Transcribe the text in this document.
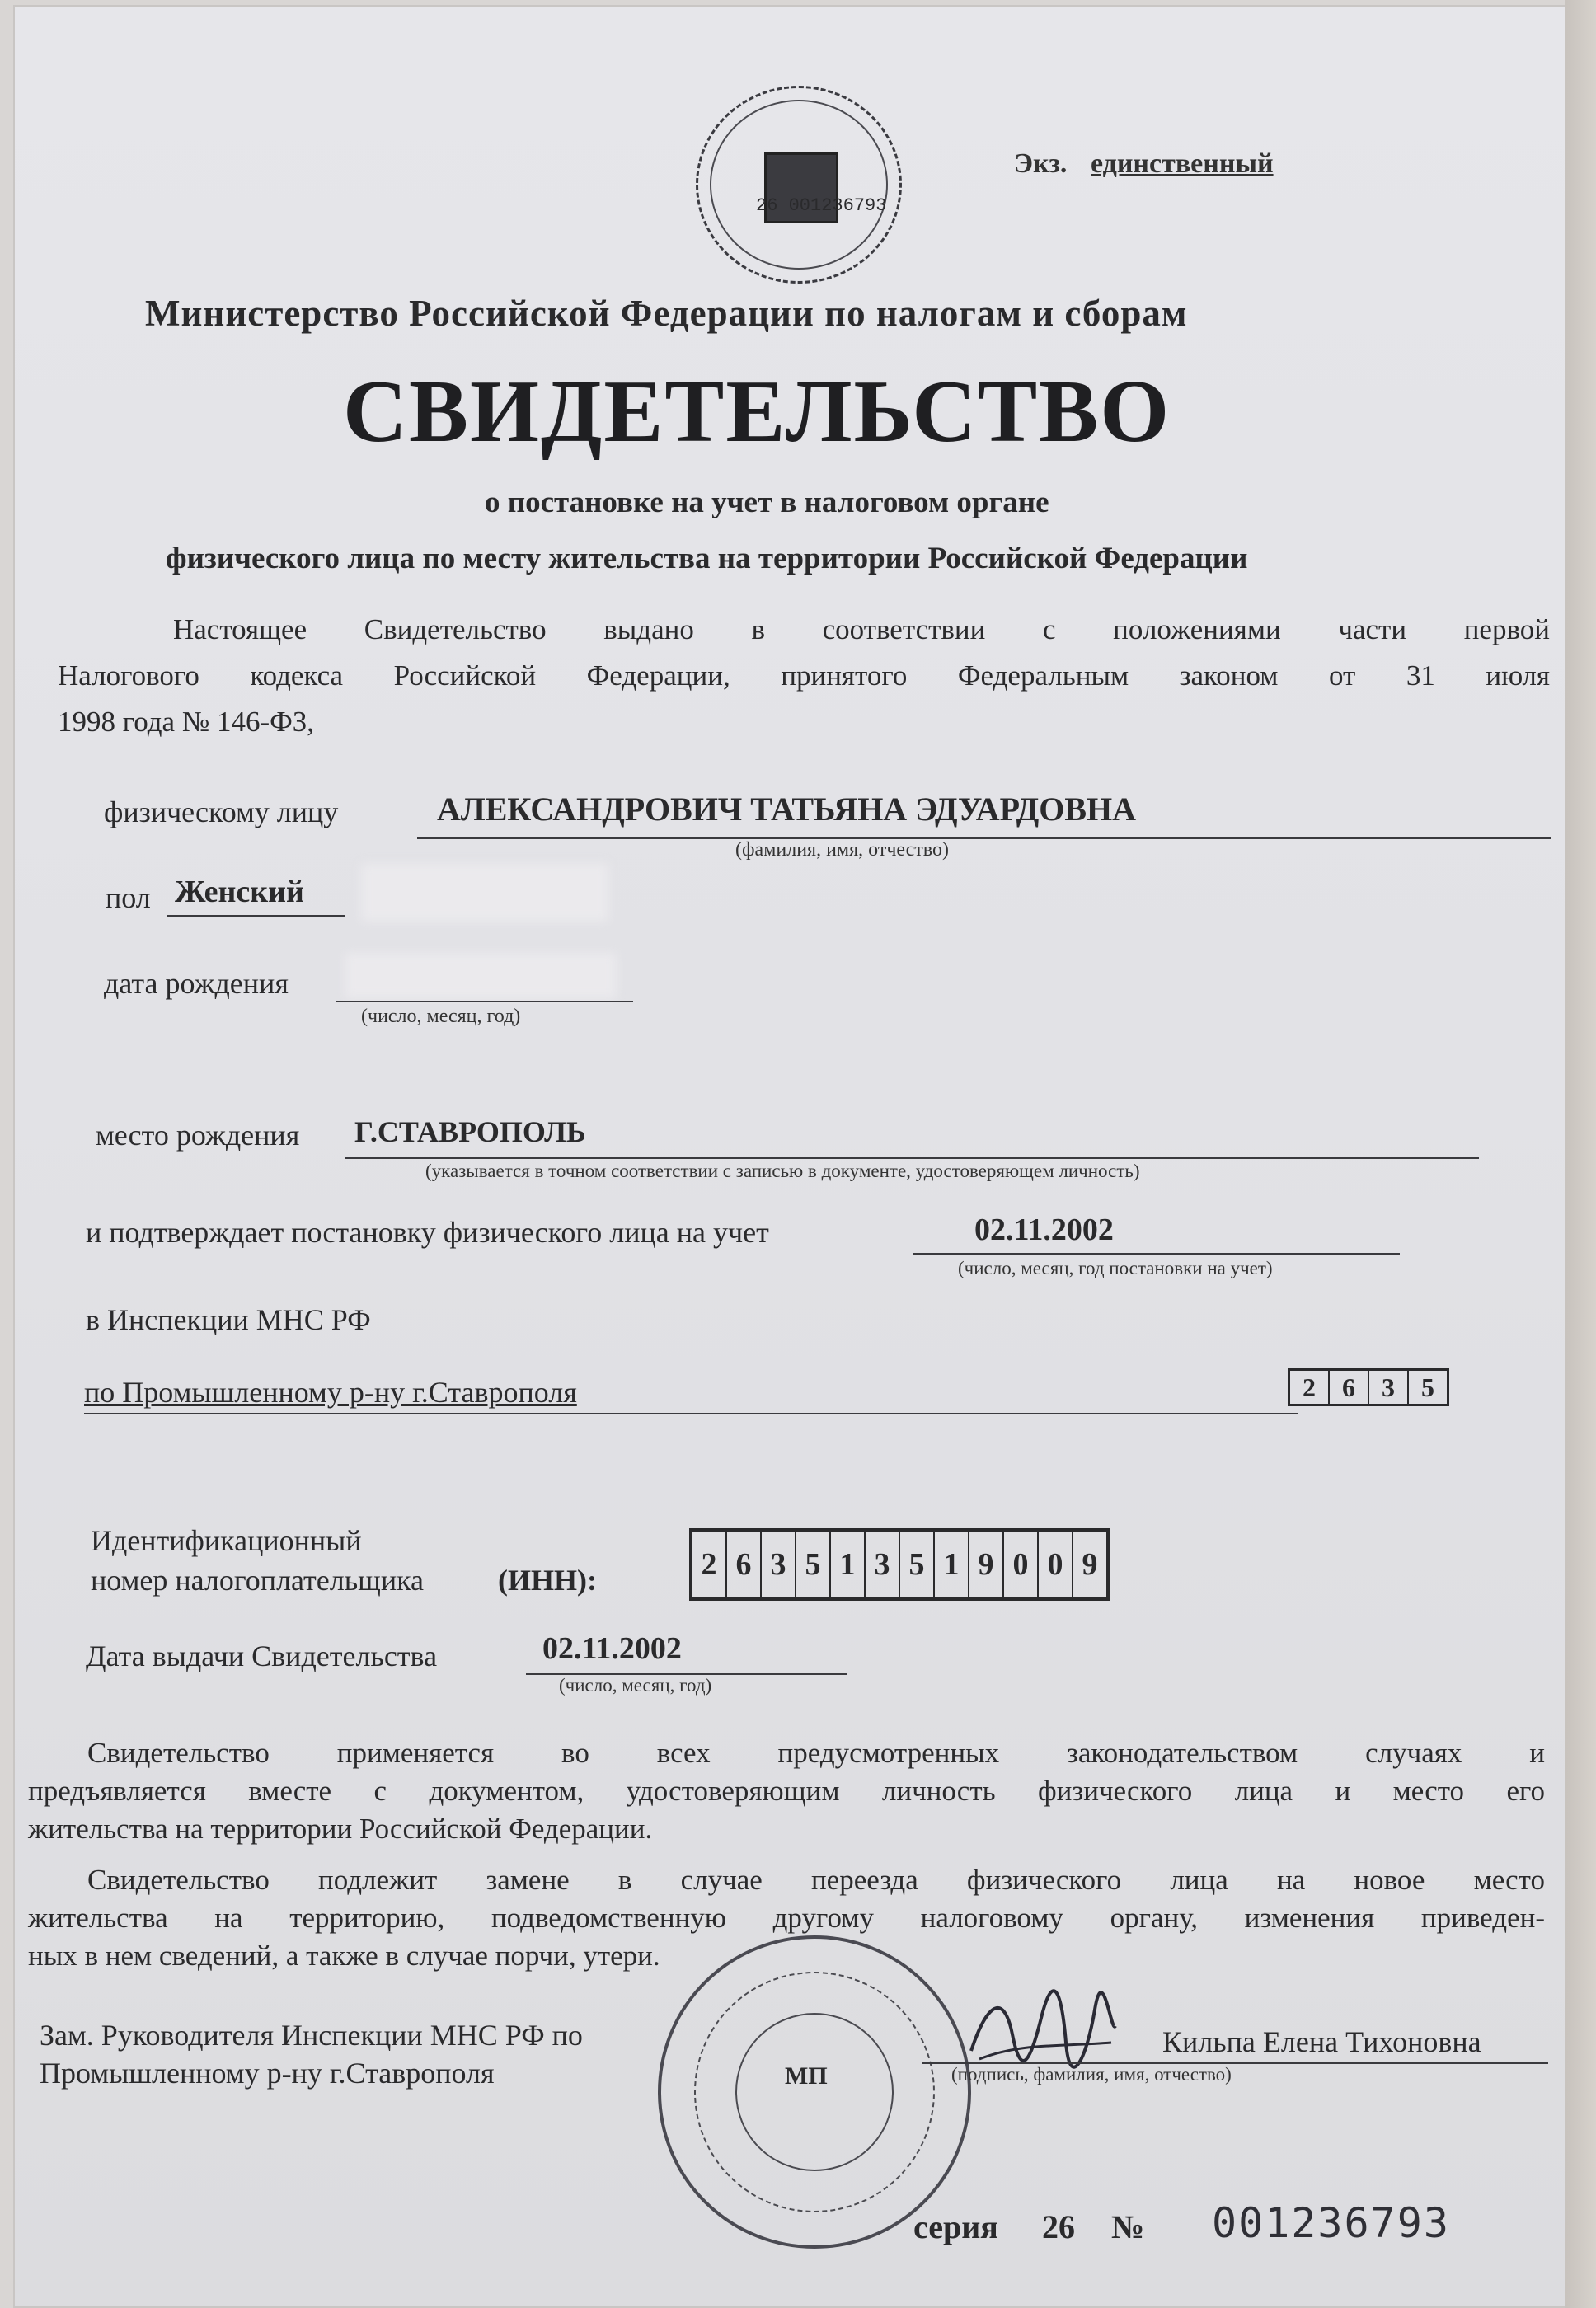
26 001236793
Экз. единственный
Министерство Российской Федерации по налогам и сборам
СВИДЕТЕЛЬСТВО
о постановке на учет в налоговом органе
физического лица по месту жительства на территории Российской Федерации
Настоящее Свидетельство выдано в соответствии с положениями части первой
Налогового кодекса Российской Федерации, принятого Федеральным законом от 31 июля
1998 года № 146-ФЗ,
физическому лицу	АЛЕКСАНДРОВИЧ ТАТЬЯНА ЭДУАРДОВНА
(фамилия, имя, отчество)
пол Женский
дата рождения
(число, месяц, год)
место рождения Г.СТАВРОПОЛЬ
(указывается в точном соответствии с записью в документе, удостоверяющем личность)
и подтверждает постановку физического лица на учет	02.11.2002
(число, месяц, год постановки на учет)
в Инспекции МНС РФ
по Промышленному р-ну г.Ставрополя	2	6	3	5
Идентификационный
номер налогоплательщика (ИНН):	2 6 3 5 1 3 5 1 9 0 0 9
Дата выдачи Свидетельства	02.11.2002
(число, месяц, год)
Свидетельство применяется во всех предусмотренных законодательством случаях и
предъявляется вместе с документом, удостоверяющим личность физического лица и место его
жительства на территории Российской Федерации.
Свидетельство подлежит замене в случае переезда физического лица на новое место
жительства на территорию, подведомственную другому налоговому органу, изменения приведен-
ных в нем сведений, а также в случае порчи, утери.
Зам. Руководителя Инспекции МНС РФ по
Промышленному р-ну г.Ставрополя	МП
Кильпа Елена Тихоновна
(подпись, фамилия, имя, отчество)
серия 26 № 001236793
